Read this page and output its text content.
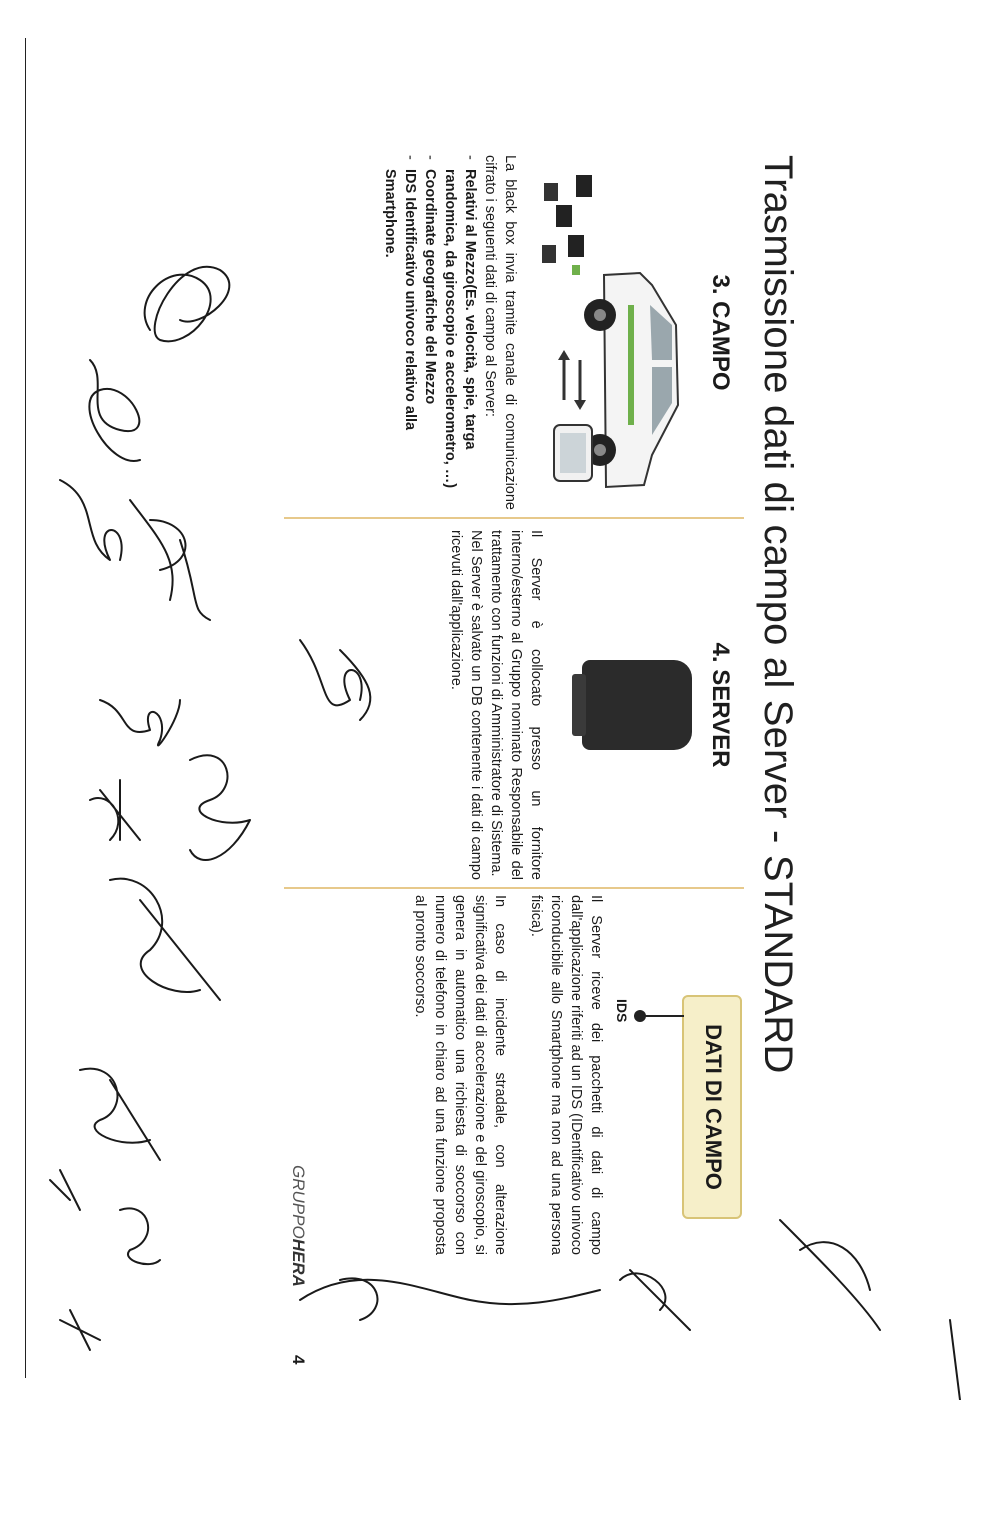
Trasmissione dati di campo al Server - STANDARD
3. CAMPO

La black box invia tramite canale di comunicazione cifrato i seguenti dati di campo al Server:

- Relativi al Mezzo(Es. velocità, spie, targa randomica, da giroscopio e accelerometro, …)
- Coordinate geografiche del Mezzo
- IDS Identificativo univoco relativo alla Smartphone.
4. SERVER

Il Server è collocato presso un fornitore interno/esterno al Gruppo nominato Responsabile del trattamento con funzioni di Amministratore di Sistema.

Nel Server è salvato un DB contenente i dati di campo ricevuti dall'applicazione.

DATI DI CAMPO
IDS

Il Server riceve dei pacchetti di dati di campo dall'applicazione riferiti ad un IDS (IDentificativo univoco riconducibile allo Smartphone ma non ad una persona fisica).

In caso di incidente stradale, con alterazione significativa dei dati di accelerazione e del giroscopio, si genera in automatico una richiesta di soccorso con numero di telefono in chiaro ad una funzione proposta al pronto soccorso.

GRUPPOHERA
4
